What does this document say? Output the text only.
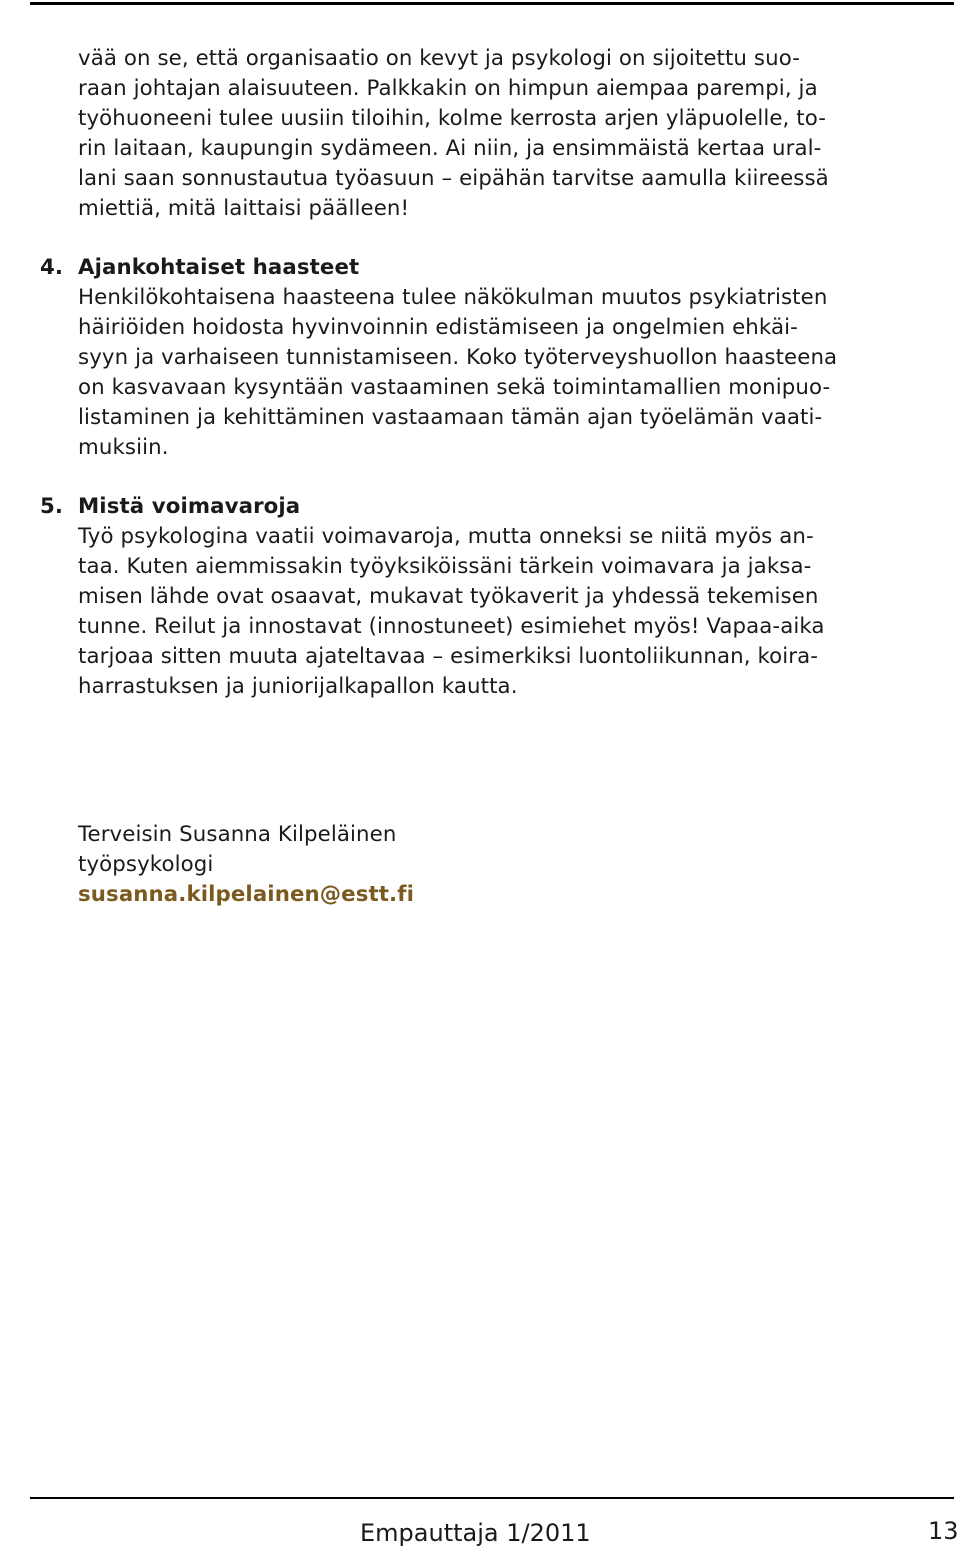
vää on se, että organisaatio on kevyt ja psykologi on sijoitettu suo-
raan johtajan alaisuuteen. Palkkakin on himpun aiempaa parempi, ja
työhuoneeni tulee uusiin tiloihin, kolme kerrosta arjen yläpuolelle, to-
rin laitaan, kaupungin sydämeen. Ai niin, ja ensimmäistä kertaa ural-
lani saan sonnustautua työasuun – eipähän tarvitse aamulla kiireessä
miettiä, mitä laittaisi päälleen!
4. Ajankohtaiset haasteet
Henkilökohtaisena haasteena tulee näkökulman muutos psykiatristen
häiriöiden hoidosta hyvinvoinnin edistämiseen ja ongelmien ehkäi-
syyn ja varhaiseen tunnistamiseen. Koko työterveyshuollon haasteena
on kasvavaan kysyntään vastaaminen sekä toimintamallien monipuo-
listaminen ja kehittäminen vastaamaan tämän ajan työelämän vaati-
muksiin.
5. Mistä voimavaroja
Työ psykologina vaatii voimavaroja, mutta onneksi se niitä myös an-
taa. Kuten aiemmissakin työyksiköissäni tärkein voimavara ja jaksa-
misen lähde ovat osaavat, mukavat työkaverit ja yhdessä tekemisen
tunne. Reilut ja innostavat (innostuneet) esimiehet myös! Vapaa-aika
tarjoaa sitten muuta ajateltavaa – esimerkiksi luontoliikunnan, koira-
harrastuksen ja juniorijalkapallon kautta.
Terveisin Susanna Kilpeläinen
työpsykologi
susanna.kilpelainen@estt.fi
Empauttaja 1/2011	13
